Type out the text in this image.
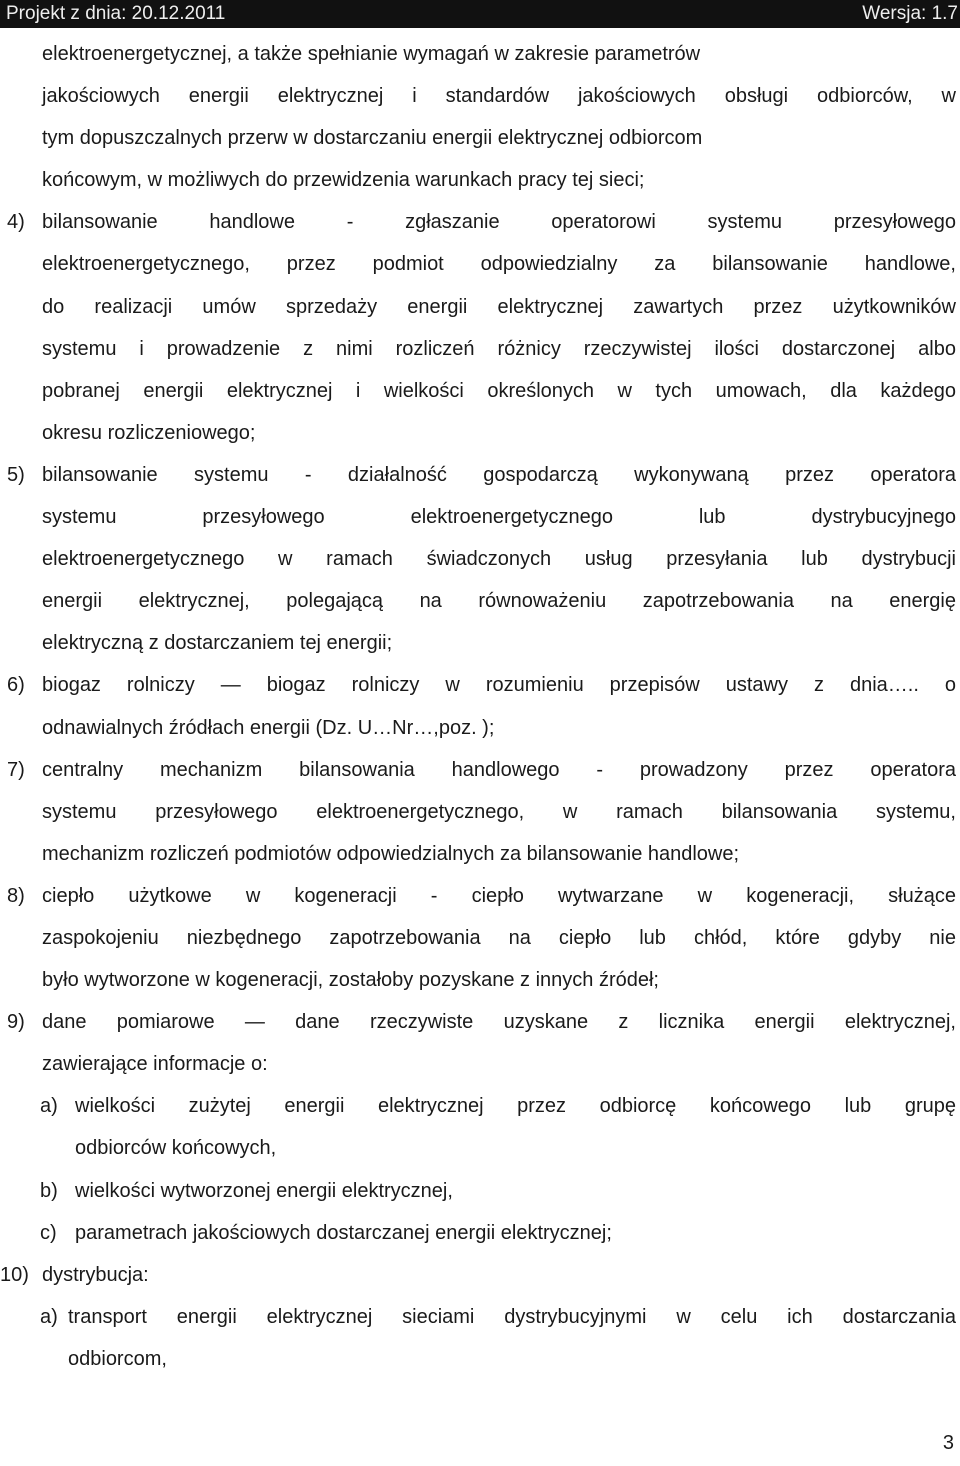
Projekt z dnia: 20.12.2011	Wersja: 1.7
elektroenergetycznej, a także spełnianie wymagań w zakresie parametrów
jakościowych energii elektrycznej i standardów jakościowych obsługi odbiorców, w
tym dopuszczalnych przerw w dostarczaniu energii elektrycznej odbiorcom
końcowym, w możliwych do przewidzenia warunkach pracy tej sieci;
4) bilansowanie handlowe - zgłaszanie operatorowi systemu przesyłowego
elektroenergetycznego, przez podmiot odpowiedzialny za bilansowanie handlowe,
do realizacji umów sprzedaży energii elektrycznej zawartych przez użytkowników
systemu i prowadzenie z nimi rozliczeń różnicy rzeczywistej ilości dostarczonej albo
pobranej energii elektrycznej i wielkości określonych w tych umowach, dla każdego
okresu rozliczeniowego;
5) bilansowanie systemu - działalność gospodarczą wykonywaną przez operatora
systemu przesyłowego elektroenergetycznego lub dystrybucyjnego
elektroenergetycznego w ramach świadczonych usług przesyłania lub dystrybucji
energii elektrycznej, polegającą na równoważeniu zapotrzebowania na energię
elektryczną z dostarczaniem tej energii;
6) biogaz rolniczy — biogaz rolniczy w rozumieniu przepisów ustawy z dnia….. o
odnawialnych źródłach energii (Dz. U…Nr…,poz. );
7) centralny mechanizm bilansowania handlowego - prowadzony przez operatora
systemu przesyłowego elektroenergetycznego, w ramach bilansowania systemu,
mechanizm rozliczeń podmiotów odpowiedzialnych za bilansowanie handlowe;
8) ciepło użytkowe w kogeneracji - ciepło wytwarzane w kogeneracji, służące
zaspokojeniu niezbędnego zapotrzebowania na ciepło lub chłód, które gdyby nie
było wytworzone w kogeneracji, zostałoby pozyskane z innych źródeł;
9) dane pomiarowe — dane rzeczywiste uzyskane z licznika energii elektrycznej,
zawierające informacje o:
a) wielkości zużytej energii elektrycznej przez odbiorcę końcowego lub grupę
odbiorców końcowych,
b) wielkości wytworzonej energii elektrycznej,
c) parametrach jakościowych dostarczanej energii elektrycznej;
10) dystrybucja:
a) transport energii elektrycznej sieciami dystrybucyjnymi w celu ich dostarczania
odbiorcom,
3
